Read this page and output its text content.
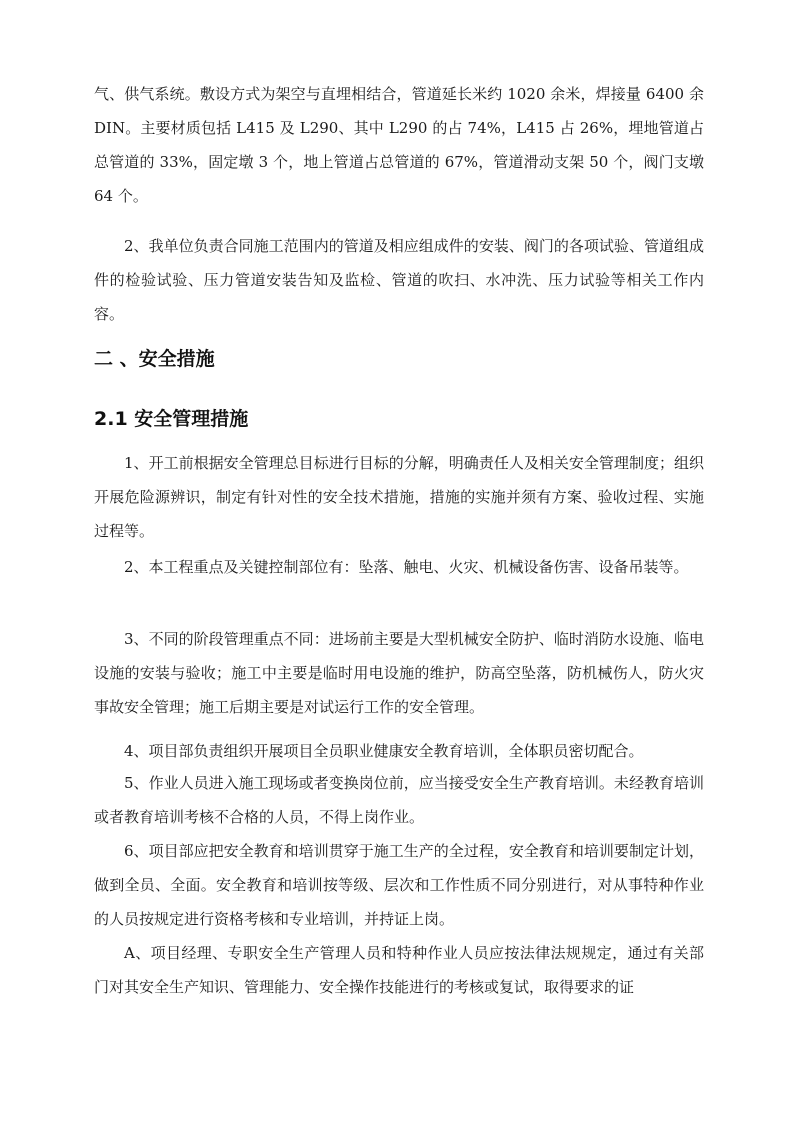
气、供气系统。敷设方式为架空与直埋相结合，管道延长米约 1020 余米，焊接量 6400 余 DIN。主要材质包括 L415 及 L290、其中 L290 的占 74%，L415 占 26%，埋地管道占总管道的 33%，固定墩 3 个，地上管道占总管道的 67%，管道滑动支架 50 个，阀门支墩 64 个。

2、我单位负责合同施工范围内的管道及相应组成件的安装、阀门的各项试验、管道组成件的检验试验、压力管道安装告知及监检、管道的吹扫、水冲洗、压力试验等相关工作内容。

二 、安全措施
2.1 安全管理措施

1、开工前根据安全管理总目标进行目标的分解，明确责任人及相关安全管理制度；组织开展危险源辨识，制定有针对性的安全技术措施，措施的实施并须有方案、验收过程、实施过程等。

2、本工程重点及关键控制部位有：坠落、触电、火灾、机械设备伤害、设备吊装等。

3、不同的阶段管理重点不同：进场前主要是大型机械安全防护、临时消防水设施、临电设施的安装与验收；施工中主要是临时用电设施的维护，防高空坠落，防机械伤人，防火灾事故安全管理；施工后期主要是对试运行工作的安全管理。

4、项目部负责组织开展项目全员职业健康安全教育培训，全体职员密切配合。

5、作业人员进入施工现场或者变换岗位前，应当接受安全生产教育培训。未经教育培训或者教育培训考核不合格的人员，不得上岗作业。

6、项目部应把安全教育和培训贯穿于施工生产的全过程，安全教育和培训要制定计划，做到全员、全面。安全教育和培训按等级、层次和工作性质不同分别进行，对从事特种作业的人员按规定进行资格考核和专业培训，并持证上岗。

A、项目经理、专职安全生产管理人员和特种作业人员应按法律法规规定，通过有关部门对其安全生产知识、管理能力、安全操作技能进行的考核或复试，取得要求的证
